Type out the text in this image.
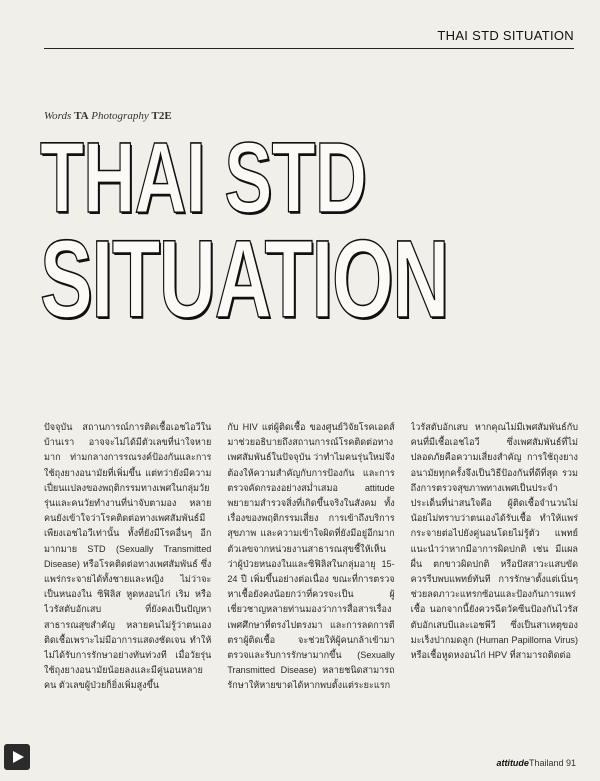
THAI STD SITUATION
Words TA Photography T2E
THAI STD
SITUATION

ปัจจุบัน สถานการณ์การติดเชื้อเอชไอวีในบ้านเรา อาจจะไม่ได้มีตัวเลขที่น่าใจหายมาก ท่ามกลางการรณรงค์ป้องกันและการใช้ถุงยางอนามัยที่เพิ่มขึ้น แต่ทว่ายังมีความเปี่ยนแปลงของพฤติกรรมทางเพศในกลุ่มวัยรุ่นและคนวัยทำงานที่น่าจับตามอง หลายคนยังเข้าใจว่าโรคติดต่อทางเพศสัมพันธ์มีเพียงเอชไอวีเท่านั้น ทั้งที่ยังมีโรคอื่นๆ อีกมากมาย STD (Sexually Transmitted Disease) หรือโรคติดต่อทางเพศสัมพันธ์ ซึ่งแพร่กระจายได้ทั้งชายและหญิง ไม่ว่าจะเป็นหนองใน ซิฟิลิส หูดหงอนไก่ เริม หรือไวรัสตับอักเสบ ที่ยังคงเป็นปัญหาสาธารณสุขสำคัญ หลายคนไม่รู้ว่าตนเองติดเชื้อเพราะไม่มีอาการแสดงชัดเจน ทำให้ไม่ได้รับการรักษาอย่างทันท่วงที เมื่อวัยรุ่นใช้ถุงยางอนามัยน้อยลงและมีคู่นอนหลายคน ตัวเลขผู้ป่วยก็ยิ่งเพิ่มสูงขึ้น

กับ HIV แต่ผู้ติดเชื้อ ของศูนย์วิจัยโรคเอดส์ มาช่วยอธิบายถึงสถานการณ์โรคติดต่อทางเพศสัมพันธ์ในปัจจุบัน ว่าทำไมคนรุ่นใหม่จึงต้องให้ความสำคัญกับการป้องกัน และการตรวจคัดกรองอย่างสม่ำเสมอ attitude พยายามสำรวจสิ่งที่เกิดขึ้นจริงในสังคม ทั้งเรื่องของพฤติกรรมเสี่ยง การเข้าถึงบริการสุขภาพ และความเข้าใจผิดที่ยังมีอยู่อีกมาก ตัวเลขจากหน่วยงานสาธารณสุขชี้ให้เห็นว่าผู้ป่วยหนองในและซิฟิลิสในกลุ่มอายุ 15-24 ปี เพิ่มขึ้นอย่างต่อเนื่อง ขณะที่การตรวจหาเชื้อยังคงน้อยกว่าที่ควรจะเป็น ผู้เชี่ยวชาญหลายท่านมองว่าการสื่อสารเรื่องเพศศึกษาที่ตรงไปตรงมา และการลดการตีตราผู้ติดเชื้อ จะช่วยให้ผู้คนกล้าเข้ามาตรวจและรับการรักษามากขึ้น (Sexually Transmitted Disease) หลายชนิดสามารถรักษาให้หายขาดได้หากพบตั้งแต่ระยะแรก

ไวรัสตับอักเสบ หากคุณไม่มีเพศสัมพันธ์กับคนที่มีเชื้อเอชไอวี ซึ่งเพศสัมพันธ์ที่ไม่ปลอดภัยคือความเสี่ยงสำคัญ การใช้ถุงยางอนามัยทุกครั้งจึงเป็นวิธีป้องกันที่ดีที่สุด รวมถึงการตรวจสุขภาพทางเพศเป็นประจำ ประเด็นที่น่าสนใจคือ ผู้ติดเชื้อจำนวนไม่น้อยไม่ทราบว่าตนเองได้รับเชื้อ ทำให้แพร่กระจายต่อไปยังคู่นอนโดยไม่รู้ตัว แพทย์แนะนำว่าหากมีอาการผิดปกติ เช่น มีแผล ผื่น ตกขาวผิดปกติ หรือปัสสาวะแสบขัด ควรรีบพบแพทย์ทันที การรักษาตั้งแต่เนิ่นๆ ช่วยลดภาวะแทรกซ้อนและป้องกันการแพร่เชื้อ นอกจากนี้ยังควรฉีดวัคซีนป้องกันไวรัสตับอักเสบบีและเอชพีวี ซึ่งเป็นสาเหตุของมะเร็งปากมดลูก (Human Papilloma Virus) หรือเชื้อหูดหงอนไก่ HPV ที่สามารถติดต่อ

attitudeThailand 91
